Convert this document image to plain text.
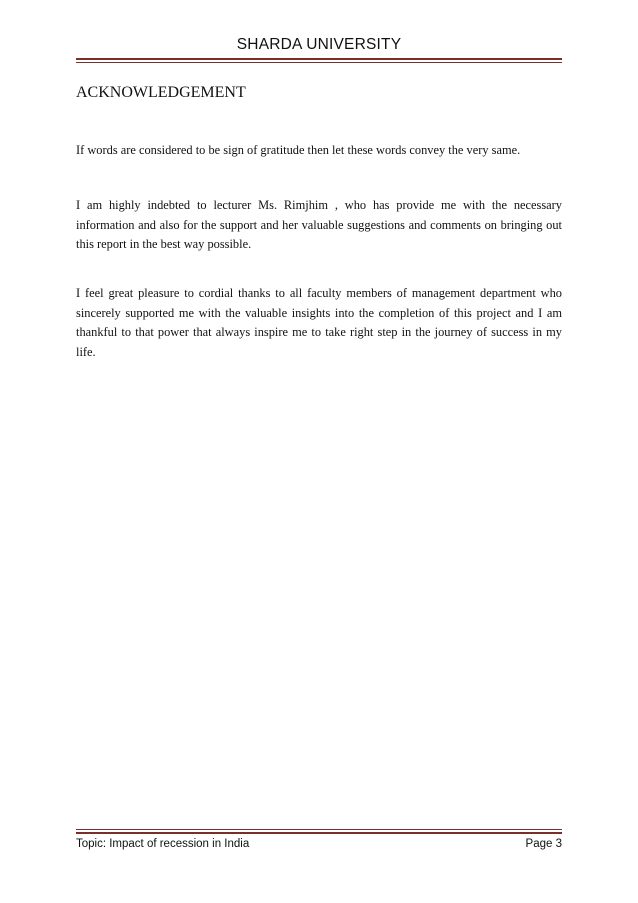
SHARDA UNIVERSITY
ACKNOWLEDGEMENT

If words are considered to be sign of gratitude then let these words convey the very same.

I am highly indebted to lecturer Ms. Rimjhim , who has provide me with the necessary information and also for the support and her valuable suggestions and comments on bringing out this report in the best way possible.

I feel great pleasure to cordial thanks to all faculty members of management department who sincerely supported me with the valuable insights into the completion of this project and I am thankful to that power that always inspire me to take right step in the journey of success in my life.

Topic: Impact of recession in India	Page 3
